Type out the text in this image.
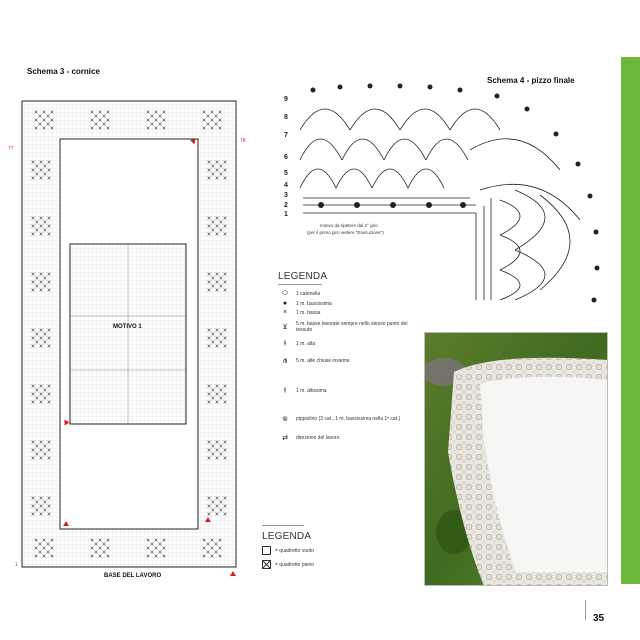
Schema 3 - cornice
MOTIVO 1
BASE DEL LAVORO
77
78
1
Schema 4 - pizzo finale
9
8
7
6
5
4
3
2
1
motivo da ripetere dal 2° giro
(per il primo giro vedere "Esecuzione")
LEGENDA
⬭	1 catenella
●	1 m. bassissima
×	1 m. bassa
⊻	5 m. basse lavorate sempre nello stesso punto del tessuto
⫳	1 m. alta
⋔	5 m. alte chiuse insieme
⫲	1 m. altissima
⊚	pippiolino (3 cat., 1 m. bassissima nella 1ª cat.)
⇄	direzione del lavoro
LEGENDA
= quadretto vuoto
= quadretto pieno
35
